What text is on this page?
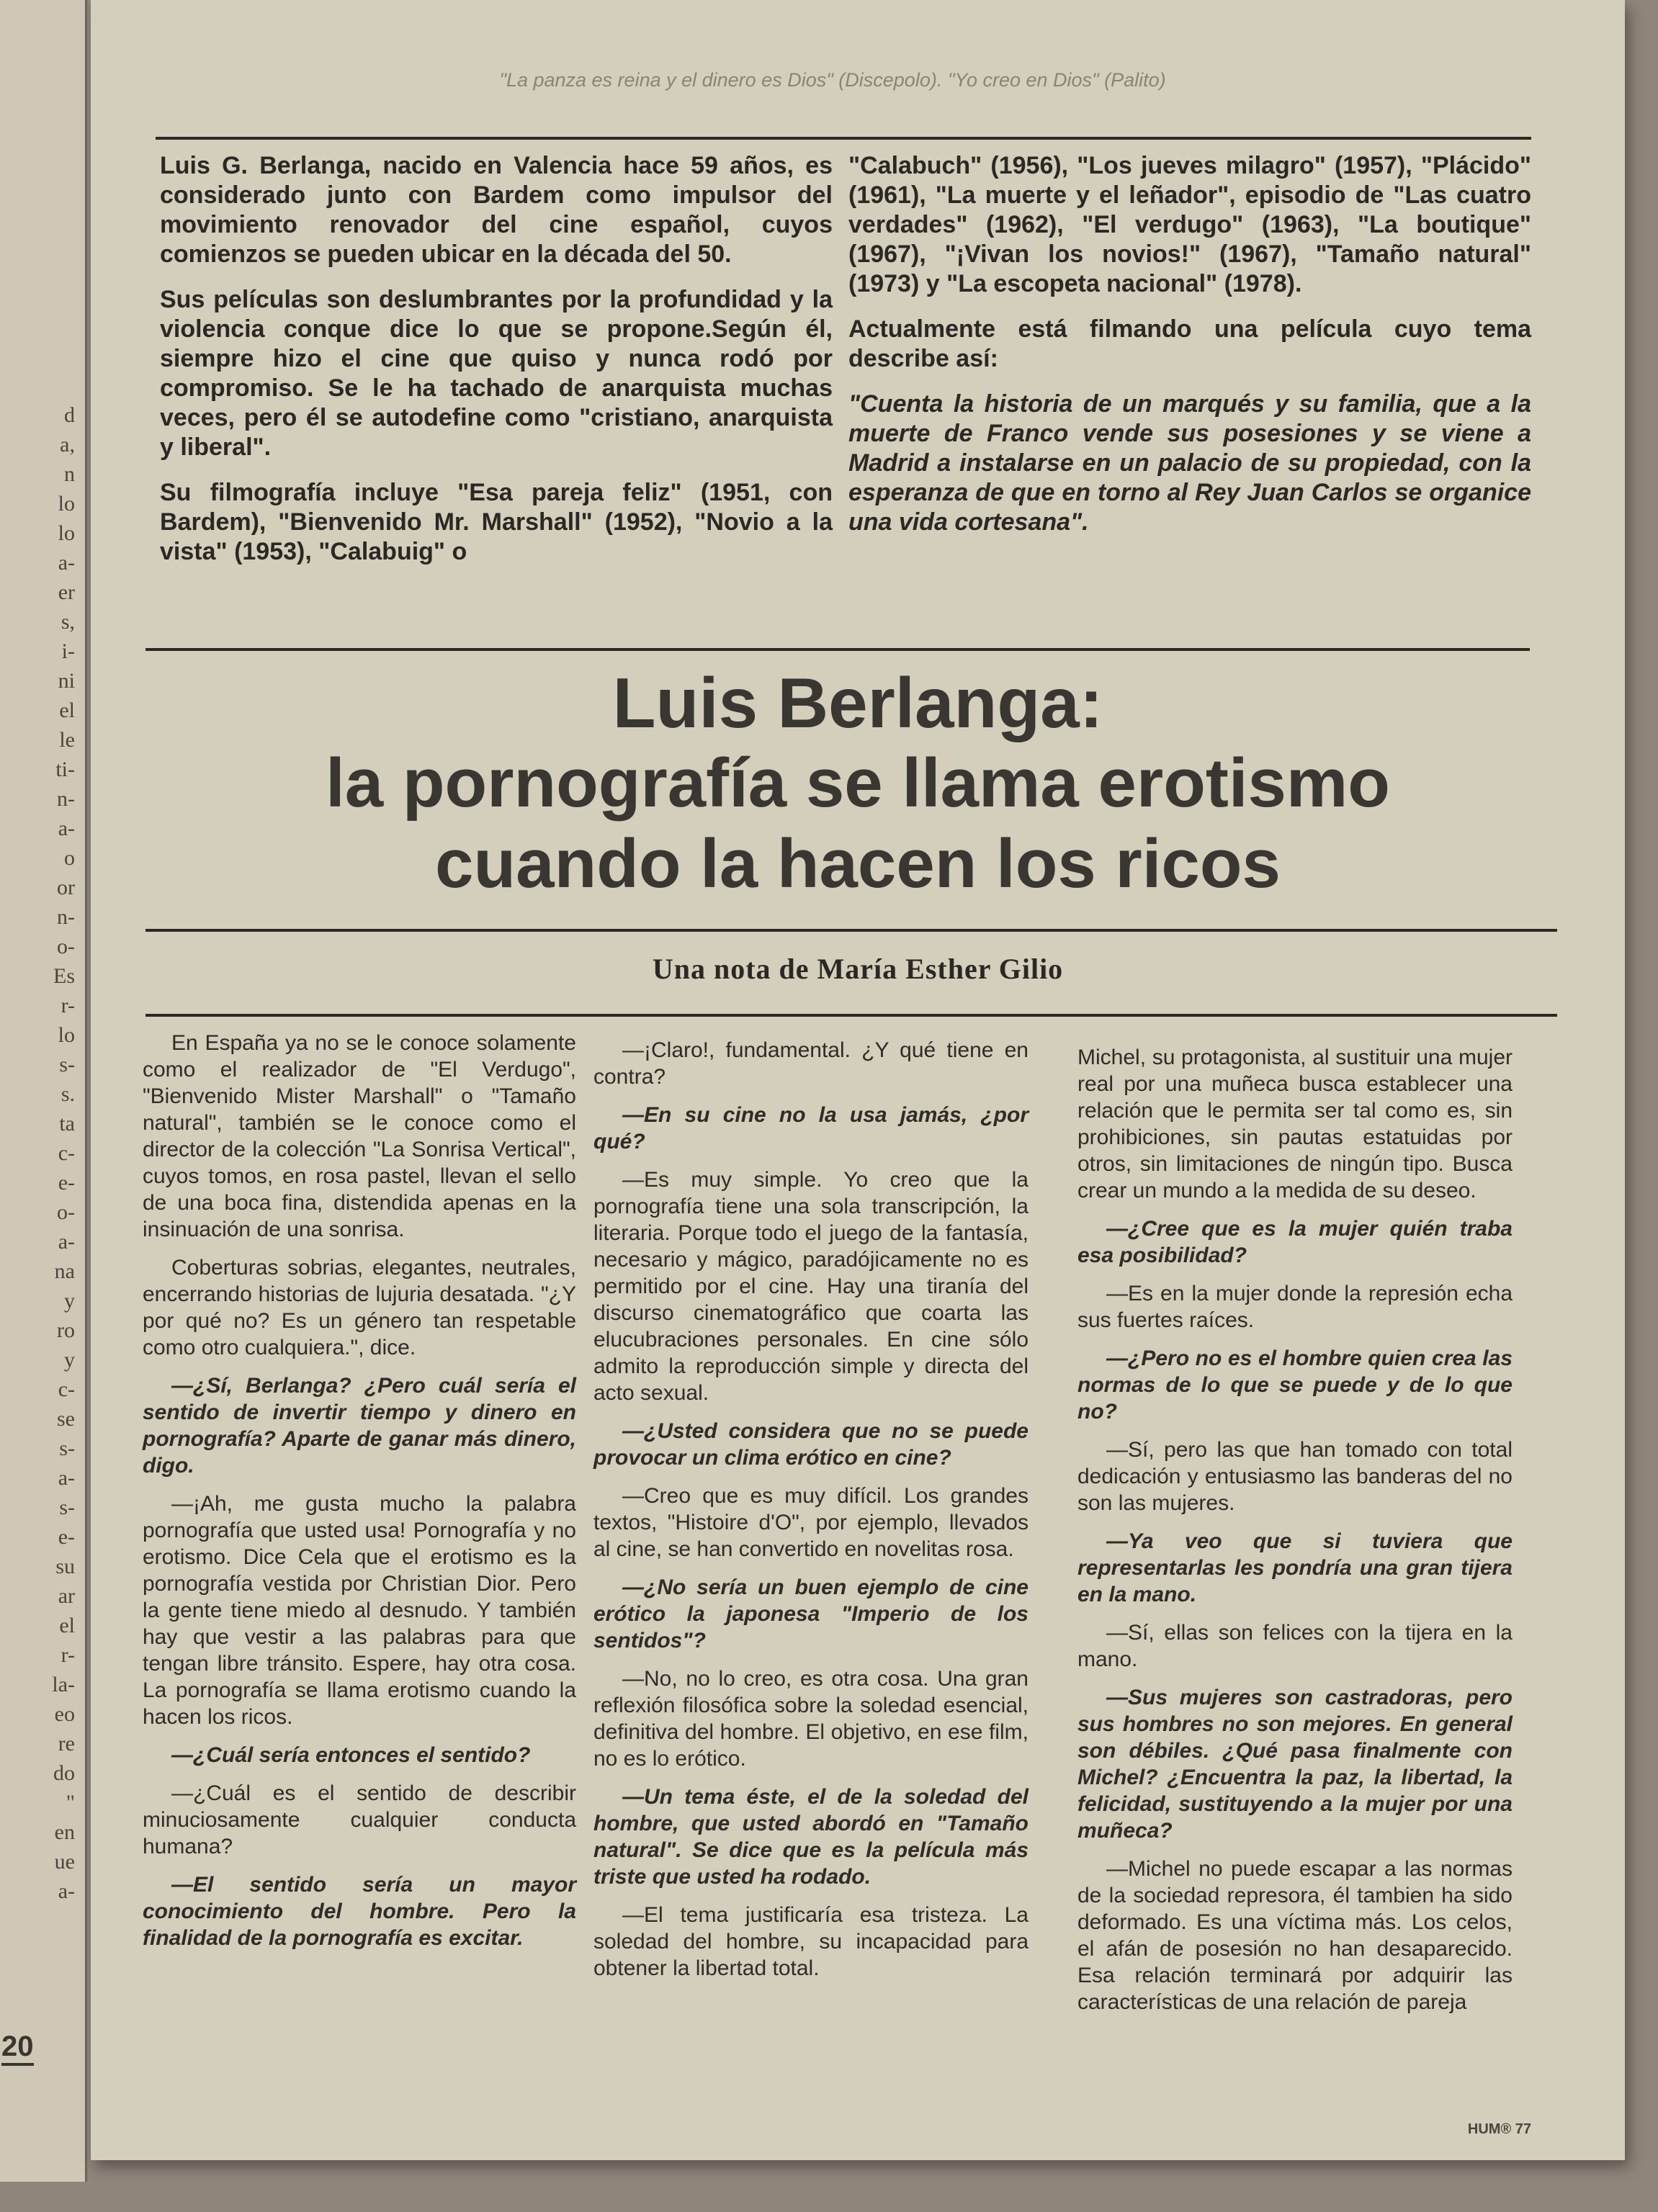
d
a,
n
lo
lo
a-
er
s,
i-
ni
el
le
ti-
n-
a-
o
or
n-
o-
Es
r-
lo
s-
s.
ta
c-
e-
o-
a-
na
y
ro
y
c-
se
s-
a-
s-
e-
su
ar
el
r-
la-
eo
re
do
"
en
ue
a-
20
"La panza es reina y el dinero es Dios" (Discepolo). "Yo creo en Dios" (Palito)

Luis G. Berlanga, nacido en Valencia hace 59 años, es considerado junto con Bardem como impulsor del movimiento renovador del cine español, cuyos comienzos se pueden ubicar en la década del 50.

Sus películas son deslumbrantes por la profundidad y la violencia conque dice lo que se propone.Según él, siempre hizo el cine que quiso y nunca rodó por compromiso. Se le ha tachado de anarquista muchas veces, pero él se autodefine como "cristiano, anarquista y liberal".

Su filmografía incluye "Esa pareja feliz" (1951, con Bardem), "Bienvenido Mr. Marshall" (1952), "Novio a la vista" (1953), "Calabuig" o

"Calabuch" (1956), "Los jueves milagro" (1957), "Plácido" (1961), "La muerte y el leñador", episodio de "Las cuatro verdades" (1962), "El verdugo" (1963), "La boutique" (1967), "¡Vivan los novios!" (1967), "Tamaño natural" (1973) y "La escopeta nacional" (1978).

Actualmente está filmando una película cuyo tema describe así:

"Cuenta la historia de un marqués y su familia, que a la muerte de Franco vende sus posesiones y se viene a Madrid a instalarse en un palacio de su propiedad, con la esperanza de que en torno al Rey Juan Carlos se organice una vida cortesana".

Luis Berlanga:
la pornografía se llama erotismo
cuando la hacen los ricos
Una nota de María Esther Gilio

En España ya no se le conoce solamente como el realizador de "El Verdugo", "Bienvenido Mister Marshall" o "Tamaño natural", también se le conoce como el director de la colección "La Sonrisa Vertical", cuyos tomos, en rosa pastel, llevan el sello de una boca fina, distendida apenas en la insinuación de una sonrisa.

Coberturas sobrias, elegantes, neutrales, encerrando historias de lujuria desatada. "¿Y por qué no? Es un género tan respetable como otro cualquiera.", dice.

—¿Sí, Berlanga? ¿Pero cuál sería el sentido de invertir tiempo y dinero en pornografía? Aparte de ganar más dinero, digo.

—¡Ah, me gusta mucho la palabra pornografía que usted usa! Pornografía y no erotismo. Dice Cela que el erotismo es la pornografía vestida por Christian Dior. Pero la gente tiene miedo al desnudo. Y también hay que vestir a las palabras para que tengan libre tránsito. Espere, hay otra cosa. La pornografía se llama erotismo cuando la hacen los ricos.

—¿Cuál sería entonces el sentido?

—¿Cuál es el sentido de describir minuciosamente cualquier conducta humana?

—El sentido sería un mayor conocimiento del hombre. Pero la finalidad de la pornografía es excitar.

—¡Claro!, fundamental. ¿Y qué tiene en contra?

—En su cine no la usa jamás, ¿por qué?

—Es muy simple. Yo creo que la pornografía tiene una sola transcripción, la literaria. Porque todo el juego de la fantasía, necesario y mágico, paradójicamente no es permitido por el cine. Hay una tiranía del discurso cinematográfico que coarta las elucubraciones personales. En cine sólo admito la reproducción simple y directa del acto sexual.

—¿Usted considera que no se puede provocar un clima erótico en cine?

—Creo que es muy difícil. Los grandes textos, "Histoire d'O", por ejemplo, llevados al cine, se han convertido en novelitas rosa.

—¿No sería un buen ejemplo de cine erótico la japonesa "Imperio de los sentidos"?

—No, no lo creo, es otra cosa. Una gran reflexión filosófica sobre la soledad esencial, definitiva del hombre. El objetivo, en ese film, no es lo erótico.

—Un tema éste, el de la soledad del hombre, que usted abordó en "Tamaño natural". Se dice que es la película más triste que usted ha rodado.

—El tema justificaría esa tristeza. La soledad del hombre, su incapacidad para obtener la libertad total.

Michel, su protagonista, al sustituir una mujer real por una muñeca busca establecer una relación que le permita ser tal como es, sin prohibiciones, sin pautas estatuidas por otros, sin limitaciones de ningún tipo. Busca crear un mundo a la medida de su deseo.

—¿Cree que es la mujer quién traba esa posibilidad?

—Es en la mujer donde la represión echa sus fuertes raíces.

—¿Pero no es el hombre quien crea las normas de lo que se puede y de lo que no?

—Sí, pero las que han tomado con total dedicación y entusiasmo las banderas del no son las mujeres.

—Ya veo que si tuviera que representarlas les pondría una gran tijera en la mano.

—Sí, ellas son felices con la tijera en la mano.

—Sus mujeres son castradoras, pero sus hombres no son mejores. En general son débiles. ¿Qué pasa finalmente con Michel? ¿Encuentra la paz, la libertad, la felicidad, sustituyendo a la mujer por una muñeca?

—Michel no puede escapar a las normas de la sociedad represora, él tambien ha sido deformado. Es una víctima más. Los celos, el afán de posesión no han desaparecido. Esa relación terminará por adquirir las características de una relación de pareja

HUM® 77
